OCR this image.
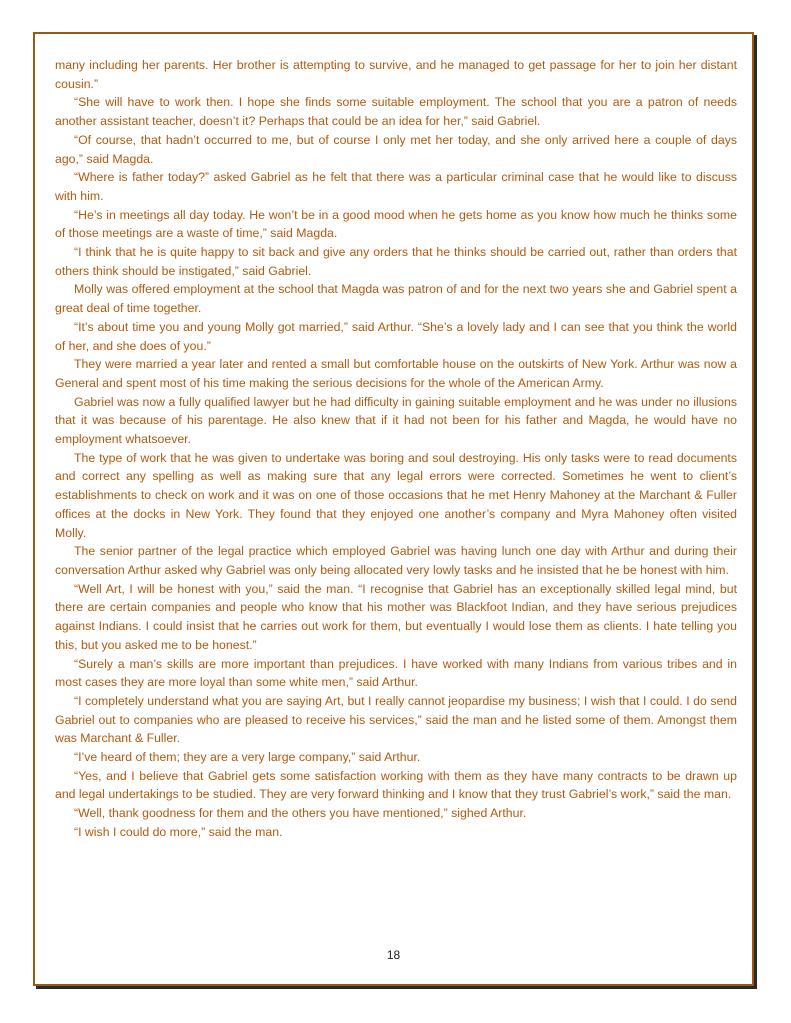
many including her parents. Her brother is attempting to survive, and he managed to get passage for her to join her distant cousin.”

“She will have to work then. I hope she finds some suitable employment. The school that you are a patron of needs another assistant teacher, doesn’t it? Perhaps that could be an idea for her,” said Gabriel.

“Of course, that hadn’t occurred to me, but of course I only met her today, and she only arrived here a couple of days ago,” said Magda.

“Where is father today?” asked Gabriel as he felt that there was a particular criminal case that he would like to discuss with him.

“He’s in meetings all day today. He won’t be in a good mood when he gets home as you know how much he thinks some of those meetings are a waste of time,” said Magda.

“I think that he is quite happy to sit back and give any orders that he thinks should be carried out, rather than orders that others think should be instigated,” said Gabriel.

Molly was offered employment at the school that Magda was patron of and for the next two years she and Gabriel spent a great deal of time together.

“It’s about time you and young Molly got married,” said Arthur. “She’s a lovely lady and I can see that you think the world of her, and she does of you.”

They were married a year later and rented a small but comfortable house on the outskirts of New York. Arthur was now a General and spent most of his time making the serious decisions for the whole of the American Army.

Gabriel was now a fully qualified lawyer but he had difficulty in gaining suitable employment and he was under no illusions that it was because of his parentage. He also knew that if it had not been for his father and Magda, he would have no employment whatsoever.

The type of work that he was given to undertake was boring and soul destroying. His only tasks were to read documents and correct any spelling as well as making sure that any legal errors were corrected. Sometimes he went to client’s establishments to check on work and it was on one of those occasions that he met Henry Mahoney at the Marchant & Fuller offices at the docks in New York. They found that they enjoyed one another’s company and Myra Mahoney often visited Molly.

The senior partner of the legal practice which employed Gabriel was having lunch one day with Arthur and during their conversation Arthur asked why Gabriel was only being allocated very lowly tasks and he insisted that he be honest with him.

“Well Art, I will be honest with you,” said the man. “I recognise that Gabriel has an exceptionally skilled legal mind, but there are certain companies and people who know that his mother was Blackfoot Indian, and they have serious prejudices against Indians. I could insist that he carries out work for them, but eventually I would lose them as clients. I hate telling you this, but you asked me to be honest.”

“Surely a man’s skills are more important than prejudices. I have worked with many Indians from various tribes and in most cases they are more loyal than some white men,” said Arthur.

“I completely understand what you are saying Art, but I really cannot jeopardise my business; I wish that I could. I do send Gabriel out to companies who are pleased to receive his services,” said the man and he listed some of them. Amongst them was Marchant & Fuller.

“I’ve heard of them; they are a very large company,” said Arthur.

“Yes, and I believe that Gabriel gets some satisfaction working with them as they have many contracts to be drawn up and legal undertakings to be studied. They are very forward thinking and I know that they trust Gabriel’s work,” said the man.

“Well, thank goodness for them and the others you have mentioned,” sighed Arthur.

“I wish I could do more,” said the man.

18
